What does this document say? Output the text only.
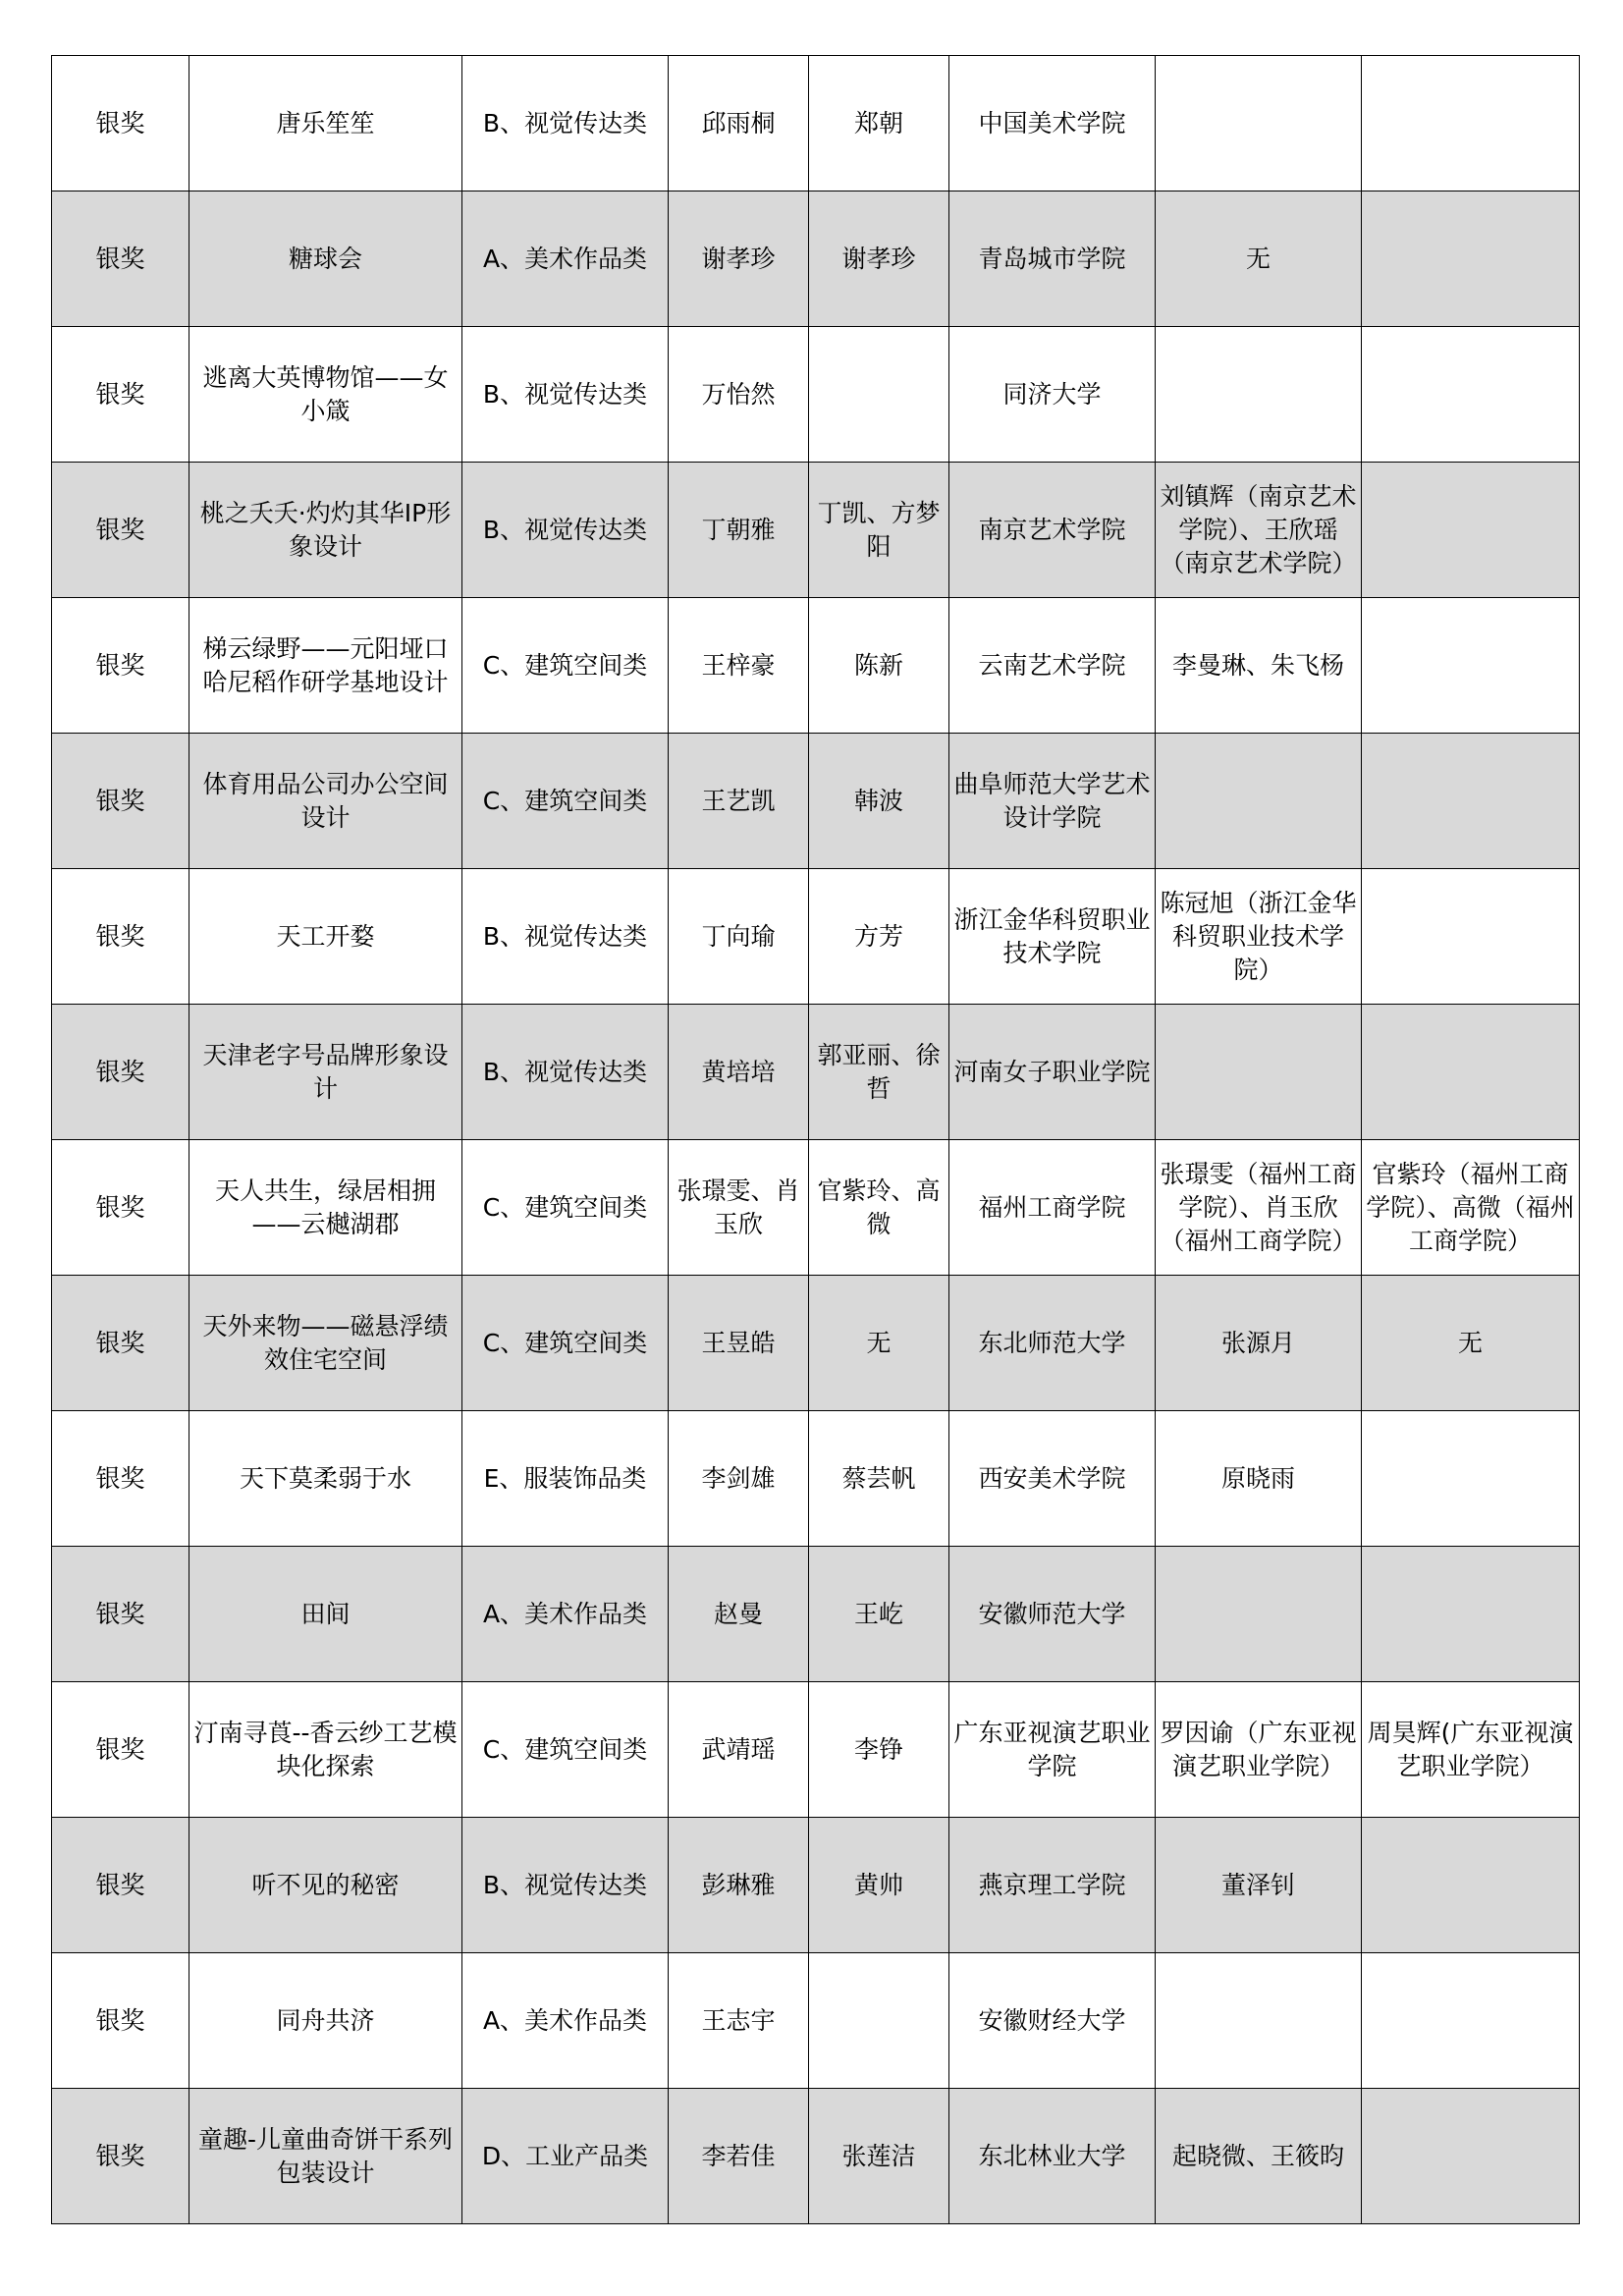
银奖	唐乐笙笙	B、视觉传达类	邱雨桐	郑朝	中国美术学院		
银奖	糖球会	A、美术作品类	谢孝珍	谢孝珍	青岛城市学院	无	
银奖	逃离大英博物馆——女小箴	B、视觉传达类	万怡然		同济大学		
银奖	桃之夭夭·灼灼其华IP形象设计	B、视觉传达类	丁朝雅	丁凯、方梦阳	南京艺术学院	刘镇辉（南京艺术学院）、王欣瑶（南京艺术学院）	
银奖	梯云绿野——元阳垭口哈尼稻作研学基地设计	C、建筑空间类	王梓豪	陈新	云南艺术学院	李曼琳、朱飞杨	
银奖	体育用品公司办公空间设计	C、建筑空间类	王艺凯	韩波	曲阜师范大学艺术设计学院		
银奖	天工开婺	B、视觉传达类	丁向瑜	方芳	浙江金华科贸职业技术学院	陈冠旭（浙江金华科贸职业技术学院）	
银奖	天津老字号品牌形象设计	B、视觉传达类	黄培培	郭亚丽、徐哲	河南女子职业学院		
银奖	天人共生，绿居相拥——云樾湖郡	C、建筑空间类	张璟雯、肖玉欣	官紫玲、高微	福州工商学院	张璟雯（福州工商学院）、肖玉欣（福州工商学院）	官紫玲（福州工商学院）、高微（福州工商学院）
银奖	天外来物——磁悬浮绩效住宅空间	C、建筑空间类	王昱皓	无	东北师范大学	张源月	无
银奖	天下莫柔弱于水	E、服装饰品类	李剑雄	蔡芸帆	西安美术学院	原晓雨	
银奖	田间	A、美术作品类	赵曼	王屹	安徽师范大学		
银奖	汀南寻莨--香云纱工艺模块化探索	C、建筑空间类	武靖瑶	李铮	广东亚视演艺职业学院	罗因谕（广东亚视演艺职业学院）	周昊辉(广东亚视演艺职业学院）
银奖	听不见的秘密	B、视觉传达类	彭琳雅	黄帅	燕京理工学院	董泽钊	
银奖	同舟共济	A、美术作品类	王志宇		安徽财经大学		
银奖	童趣-儿童曲奇饼干系列包装设计	D、工业产品类	李若佳	张莲洁	东北林业大学	起晓微、王筱昀	
